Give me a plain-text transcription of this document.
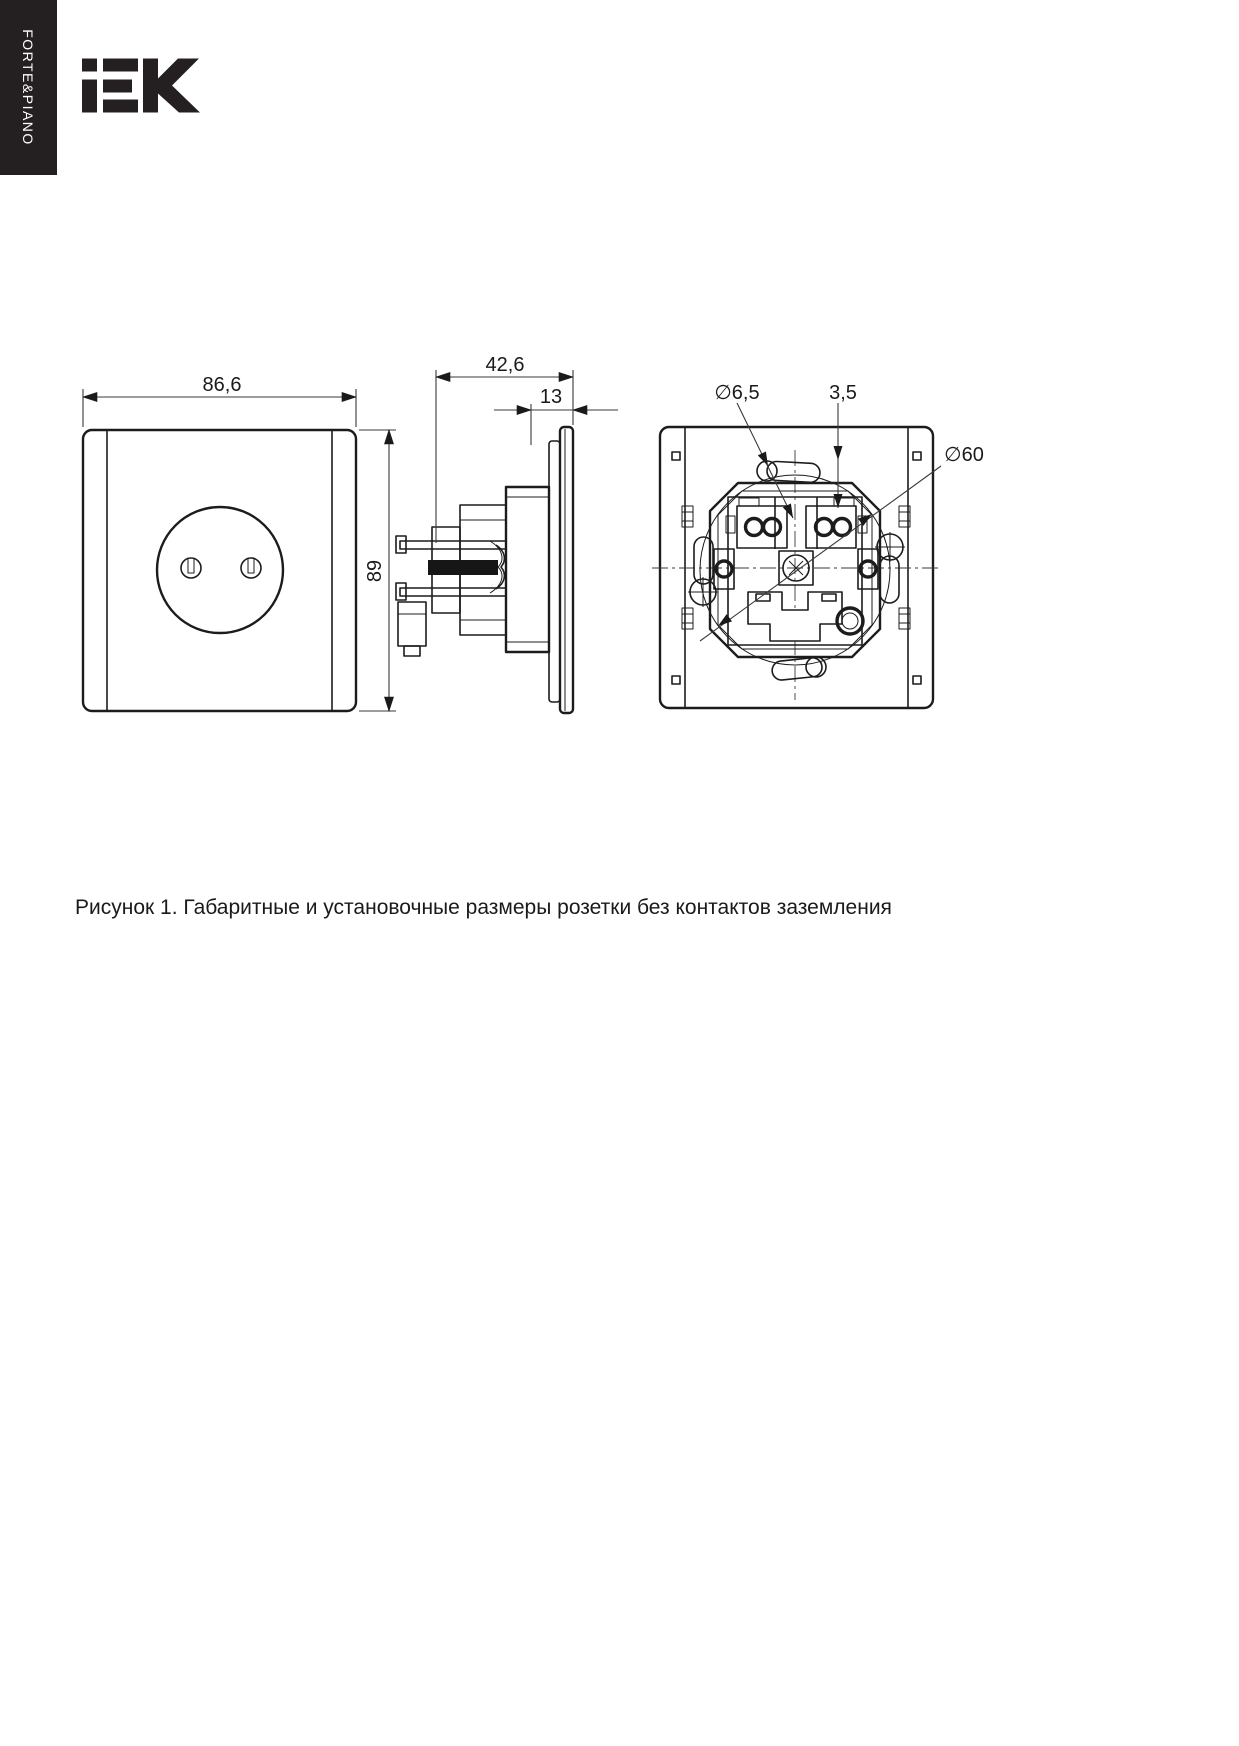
FORTE&PIANO
86,6
89
42,6
13	∅6,5	3,5
∅60
Рисунок 1. Габаритные и установочные размеры розетки без контактов заземления
